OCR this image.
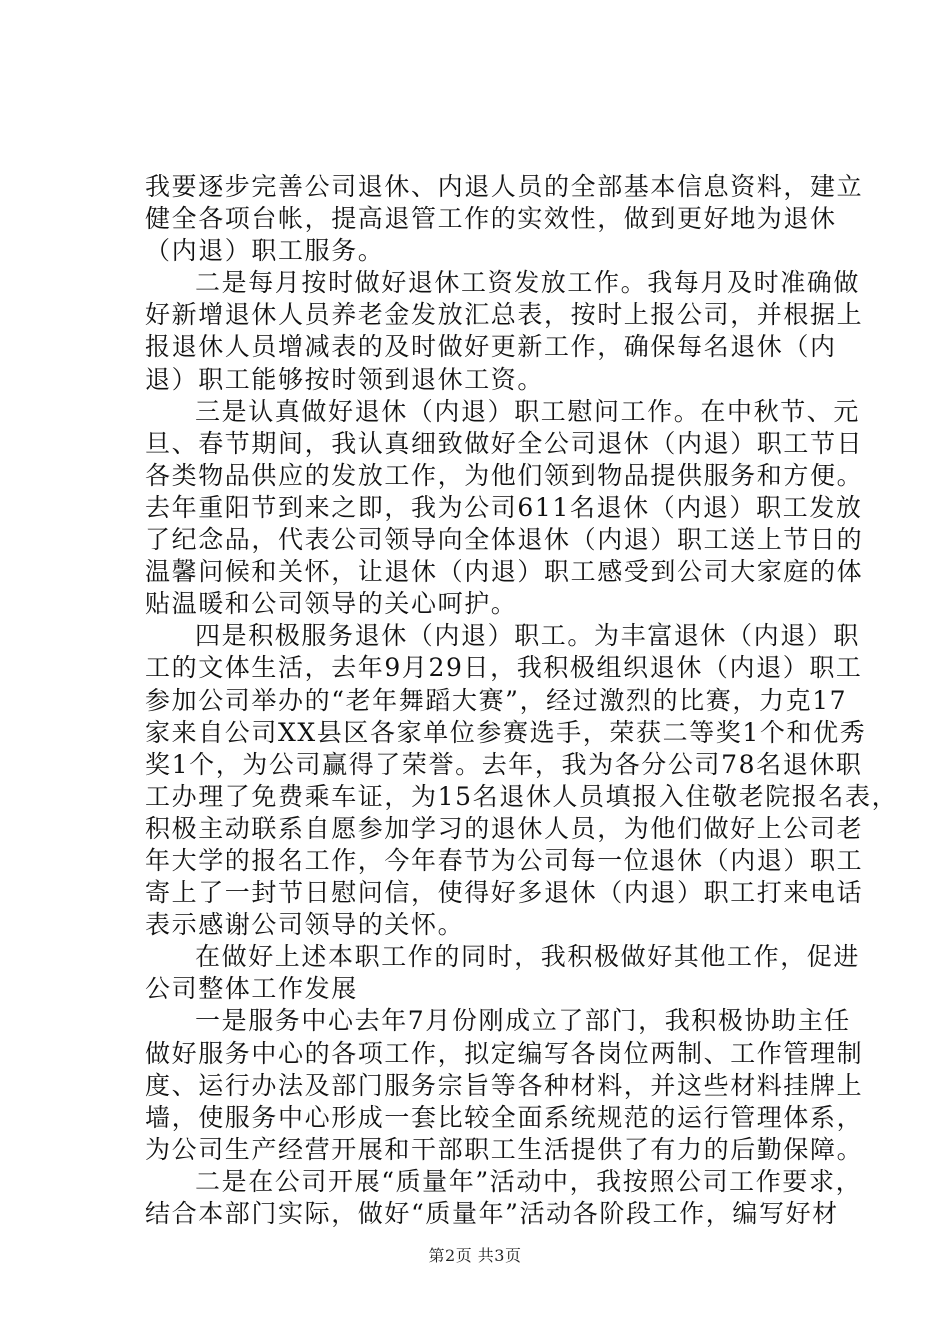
我要逐步完善公司退休、内退人员的全部基本信息资料，建立
健全各项台帐，提高退管工作的实效性，做到更好地为退休
（内退）职工服务。
二是每月按时做好退休工资发放工作。我每月及时准确做
好新增退休人员养老金发放汇总表，按时上报公司，并根据上
报退休人员增减表的及时做好更新工作，确保每名退休（内
退）职工能够按时领到退休工资。
三是认真做好退休（内退）职工慰问工作。在中秋节、元
旦、春节期间，我认真细致做好全公司退休（内退）职工节日
各类物品供应的发放工作，为他们领到物品提供服务和方便。
去年重阳节到来之即，我为公司611名退休（内退）职工发放
了纪念品，代表公司领导向全体退休（内退）职工送上节日的
温馨问候和关怀，让退休（内退）职工感受到公司大家庭的体
贴温暖和公司领导的关心呵护。
四是积极服务退休（内退）职工。为丰富退休（内退）职
工的文体生活，去年9月29日，我积极组织退休（内退）职工
参加公司举办的“老年舞蹈大赛”，经过激烈的比赛，力克17
家来自公司XX县区各家单位参赛选手，荣获二等奖1个和优秀
奖1个，为公司赢得了荣誉。去年，我为各分公司78名退休职
工办理了免费乘车证，为15名退休人员填报入住敬老院报名表，
积极主动联系自愿参加学习的退休人员，为他们做好上公司老
年大学的报名工作，今年春节为公司每一位退休（内退）职工
寄上了一封节日慰问信，使得好多退休（内退）职工打来电话
表示感谢公司领导的关怀。
在做好上述本职工作的同时，我积极做好其他工作，促进
公司整体工作发展
一是服务中心去年7月份刚成立了部门，我积极协助主任
做好服务中心的各项工作，拟定编写各岗位两制、工作管理制
度、运行办法及部门服务宗旨等各种材料，并这些材料挂牌上
墙，使服务中心形成一套比较全面系统规范的运行管理体系，
为公司生产经营开展和干部职工生活提供了有力的后勤保障。
二是在公司开展“质量年”活动中，我按照公司工作要求，
结合本部门实际，做好“质量年”活动各阶段工作，编写好材
第2页 共3页
